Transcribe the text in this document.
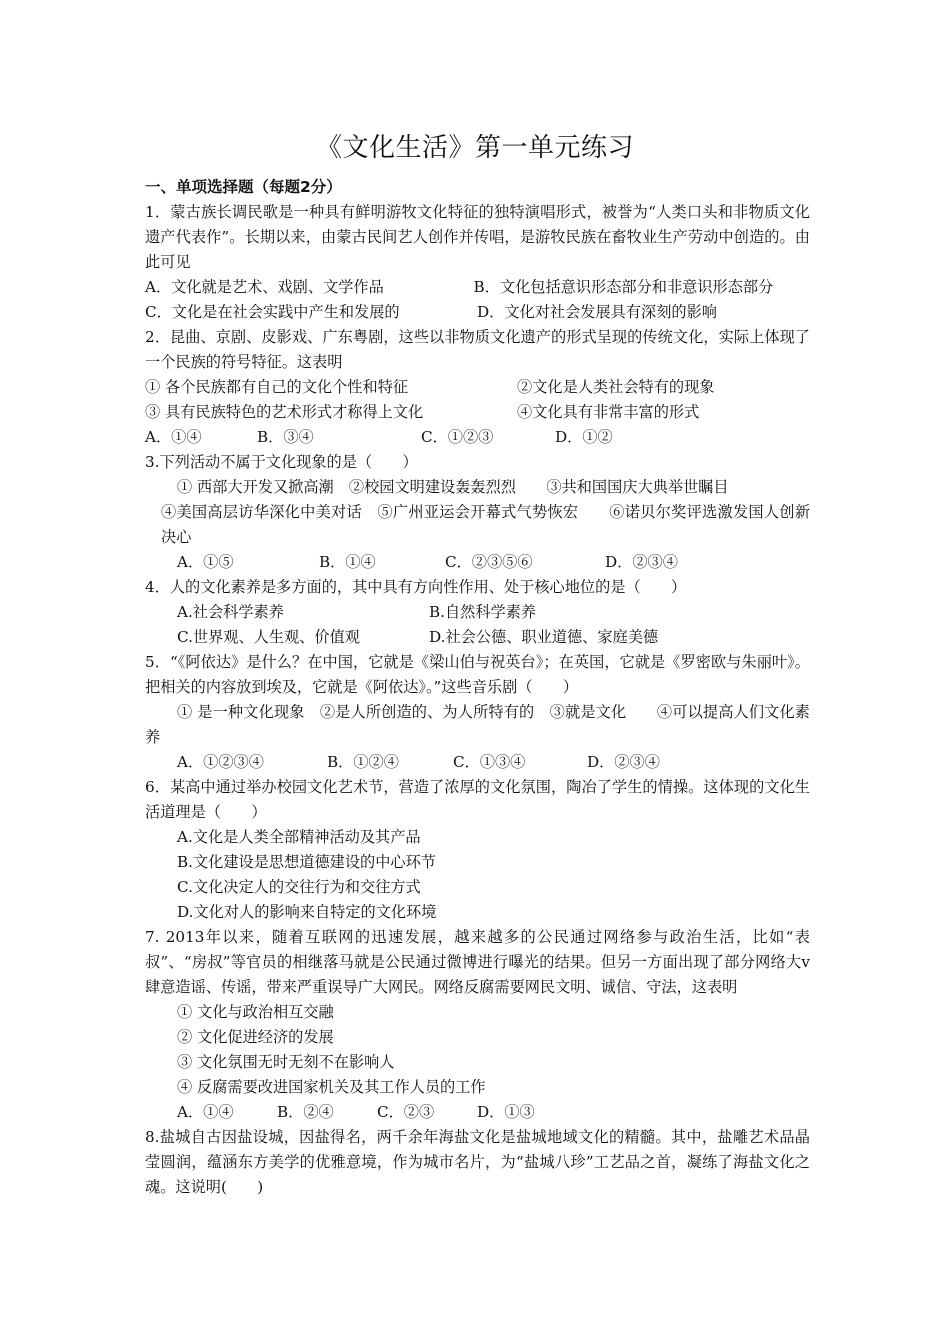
《文化生活》第一单元练习
一、单项选择题（每题2分）

1．蒙古族长调民歌是一种具有鲜明游牧文化特征的独特演唱形式，被誉为“人类口头和非物质文化遗产代表作”。长期以来，由蒙古民间艺人创作并传唱，是游牧民族在畜牧业生产劳动中创造的。由此可见

A．文化就是艺术、戏剧、文学作品	B．文化包括意识形态部分和非意识形态部分

C．文化是在社会实践中产生和发展的	D．文化对社会发展具有深刻的影响

2．昆曲、京剧、皮影戏、广东粤剧，这些以非物质文化遗产的形式呈现的传统文化，实际上体现了一个民族的符号特征。这表明

① 各个民族都有自己的文化个性和特征	②文化是人类社会特有的现象

③ 具有民族特色的艺术形式才称得上文化	④文化具有非常丰富的形式

A．①④	B．③④	C．①②③	D．①②

3.下列活动不属于文化现象的是（　　）

① 西部大开发又掀高潮　②校园文明建设轰轰烈烈　　③共和国国庆大典举世瞩目

④美国高层访华深化中美对话　⑤广州亚运会开幕式气势恢宏　　⑥诺贝尔奖评选激发国人创新决心

A．①⑤	B．①④	C．②③⑤⑥	D．②③④

4．人的文化素养是多方面的，其中具有方向性作用、处于核心地位的是（　　）

A.社会科学素养	B.自然科学素养

C.世界观、人生观、价值观	D.社会公德、职业道德、家庭美德

5．“《阿依达》是什么？在中国，它就是《梁山伯与祝英台》；在英国，它就是《罗密欧与朱丽叶》。把相关的内容放到埃及，它就是《阿依达》。”这些音乐剧（　　）

① 是一种文化现象　②是人所创造的、为人所特有的　③就是文化　　④可以提高人们文化素养

A．①②③④	B．①②④	C．①③④	D．②③④

6．某高中通过举办校园文化艺术节，营造了浓厚的文化氛围，陶冶了学生的情操。这体现的文化生活道理是（　　）

A.文化是人类全部精神活动及其产品

B.文化建设是思想道德建设的中心环节

C.文化决定人的交往行为和交往方式

D.文化对人的影响来自特定的文化环境

7. 2013年以来，随着互联网的迅速发展，越来越多的公民通过网络参与政治生活，比如“表叔”、“房叔”等官员的相继落马就是公民通过微博进行曝光的结果。但另一方面出现了部分网络大v肆意造谣、传谣，带来严重误导广大网民。网络反腐需要网民文明、诚信、守法，这表明

① 文化与政治相互交融

② 文化促进经济的发展

③ 文化氛围无时无刻不在影响人

④ 反腐需要改进国家机关及其工作人员的工作

A．①④	B．②④	C．②③	D．①③

8.盐城自古因盐设城，因盐得名，两千余年海盐文化是盐城地域文化的精髓。其中，盐雕艺术品晶莹圆润，蕴涵东方美学的优雅意境，作为城市名片，为“盐城八珍”工艺品之首，凝练了海盐文化之魂。这说明(　　)
